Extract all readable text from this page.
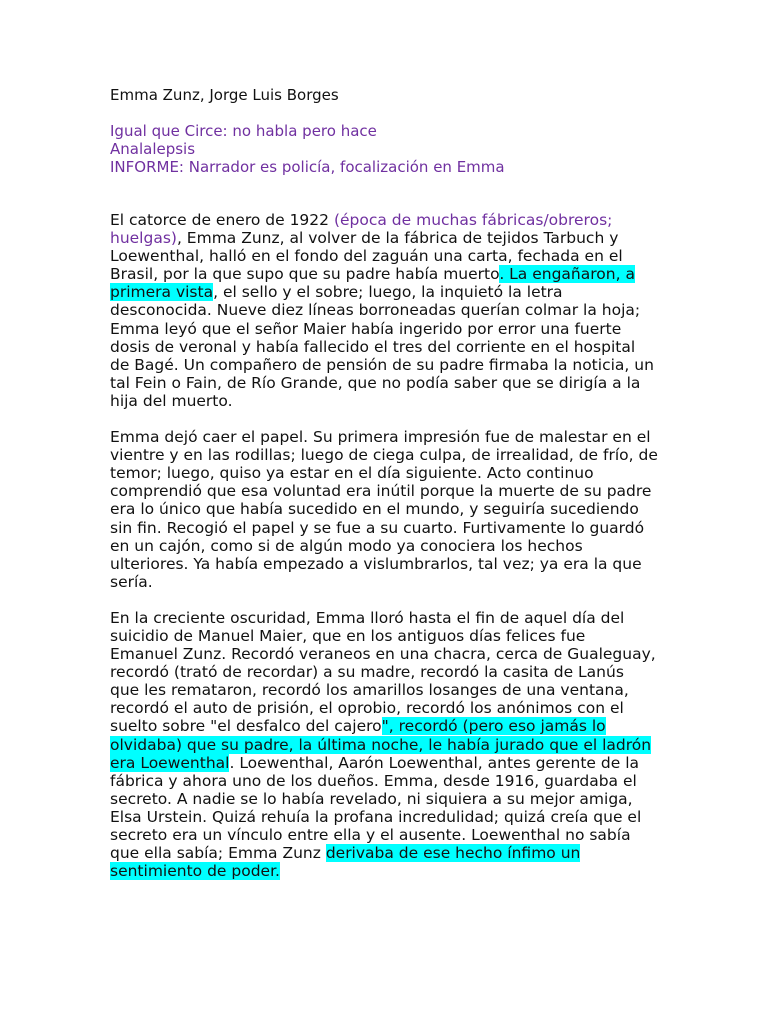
Emma Zunz, Jorge Luis Borges
Igual que Circe: no habla pero hace
Analalepsis
INFORME: Narrador es policía, focalización en Emma

El catorce de enero de 1922 (época de muchas fábricas/obreros; huelgas), Emma Zunz, al volver de la fábrica de tejidos Tarbuch y Loewenthal, halló en el fondo del zaguán una carta, fechada en el Brasil, por la que supo que su padre había muerto. La engañaron, a primera vista, el sello y el sobre; luego, la inquietó la letra desconocida. Nueve diez líneas borroneadas querían colmar la hoja; Emma leyó que el señor Maier había ingerido por error una fuerte dosis de veronal y había fallecido el tres del corriente en el hospital de Bagé. Un compañero de pensión de su padre firmaba la noticia, un tal Fein o Fain, de Río Grande, que no podía saber que se dirigía a la hija del muerto.

Emma dejó caer el papel. Su primera impresión fue de malestar en el vientre y en las rodillas; luego de ciega culpa, de irrealidad, de frío, de temor; luego, quiso ya estar en el día siguiente. Acto continuo comprendió que esa voluntad era inútil porque la muerte de su padre era lo único que había sucedido en el mundo, y seguiría sucediendo sin fin. Recogió el papel y se fue a su cuarto. Furtivamente lo guardó en un cajón, como si de algún modo ya conociera los hechos ulteriores. Ya había empezado a vislumbrarlos, tal vez; ya era la que sería.

En la creciente oscuridad, Emma lloró hasta el fin de aquel día del suicidio de Manuel Maier, que en los antiguos días felices fue Emanuel Zunz. Recordó veraneos en una chacra, cerca de Gualeguay, recordó (trató de recordar) a su madre, recordó la casita de Lanús que les remataron, recordó los amarillos losanges de una ventana, recordó el auto de prisión, el oprobio, recordó los anónimos con el suelto sobre "el desfalco del cajero", recordó (pero eso jamás lo olvidaba) que su padre, la última noche, le había jurado que el ladrón era Loewenthal. Loewenthal, Aarón Loewenthal, antes gerente de la fábrica y ahora uno de los dueños. Emma, desde 1916, guardaba el secreto. A nadie se lo había revelado, ni siquiera a su mejor amiga, Elsa Urstein. Quizá rehuía la profana incredulidad; quizá creía que el secreto era un vínculo entre ella y el ausente. Loewenthal no sabía que ella sabía; Emma Zunz derivaba de ese hecho ínfimo un sentimiento de poder.
